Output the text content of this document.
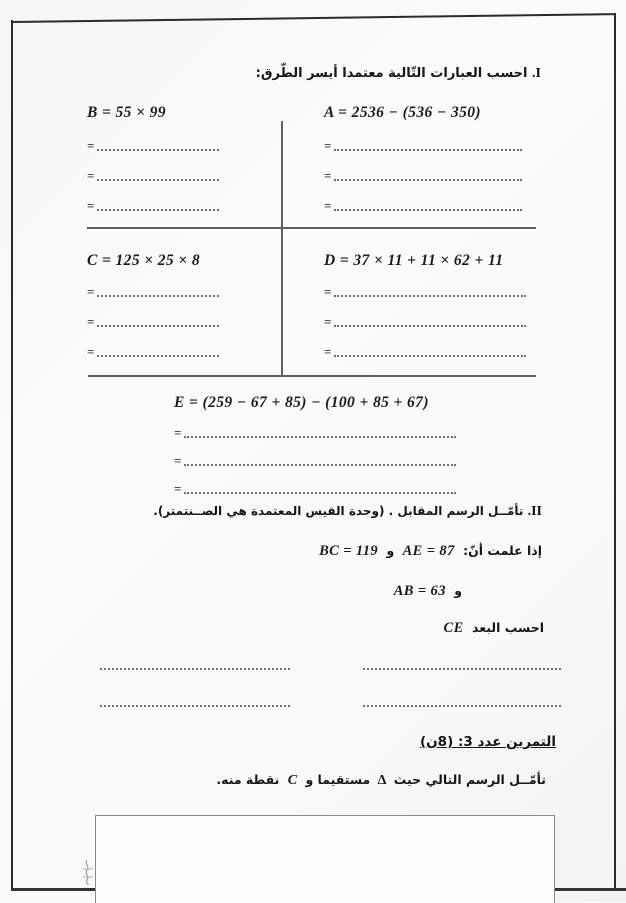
I. احسب العبارات التّالية معتمدا أيسر الطّرق:
B = 55 × 99
=
=
=
A = 2536 − (536 − 350)
=
=
=
C = 125 × 25 × 8
=
=
=
D = 37 × 11 + 11 × 62 + 11
=
=
=
E = (259 − 67 + 85) − (100 + 85 + 67)
=
=
=
II. تأمّــل الرسم المقابل . (وحدة القيس المعتمدة هي الصــنتمتر).
إذا علمت أنّ: AE = 87 و BC = 119
و AB = 63
احسب البعد CE
التمرين عدد 3: (8ن)
تأمّــل الرسم التالي حيث Δ مستقيما و C نقطة منه.
